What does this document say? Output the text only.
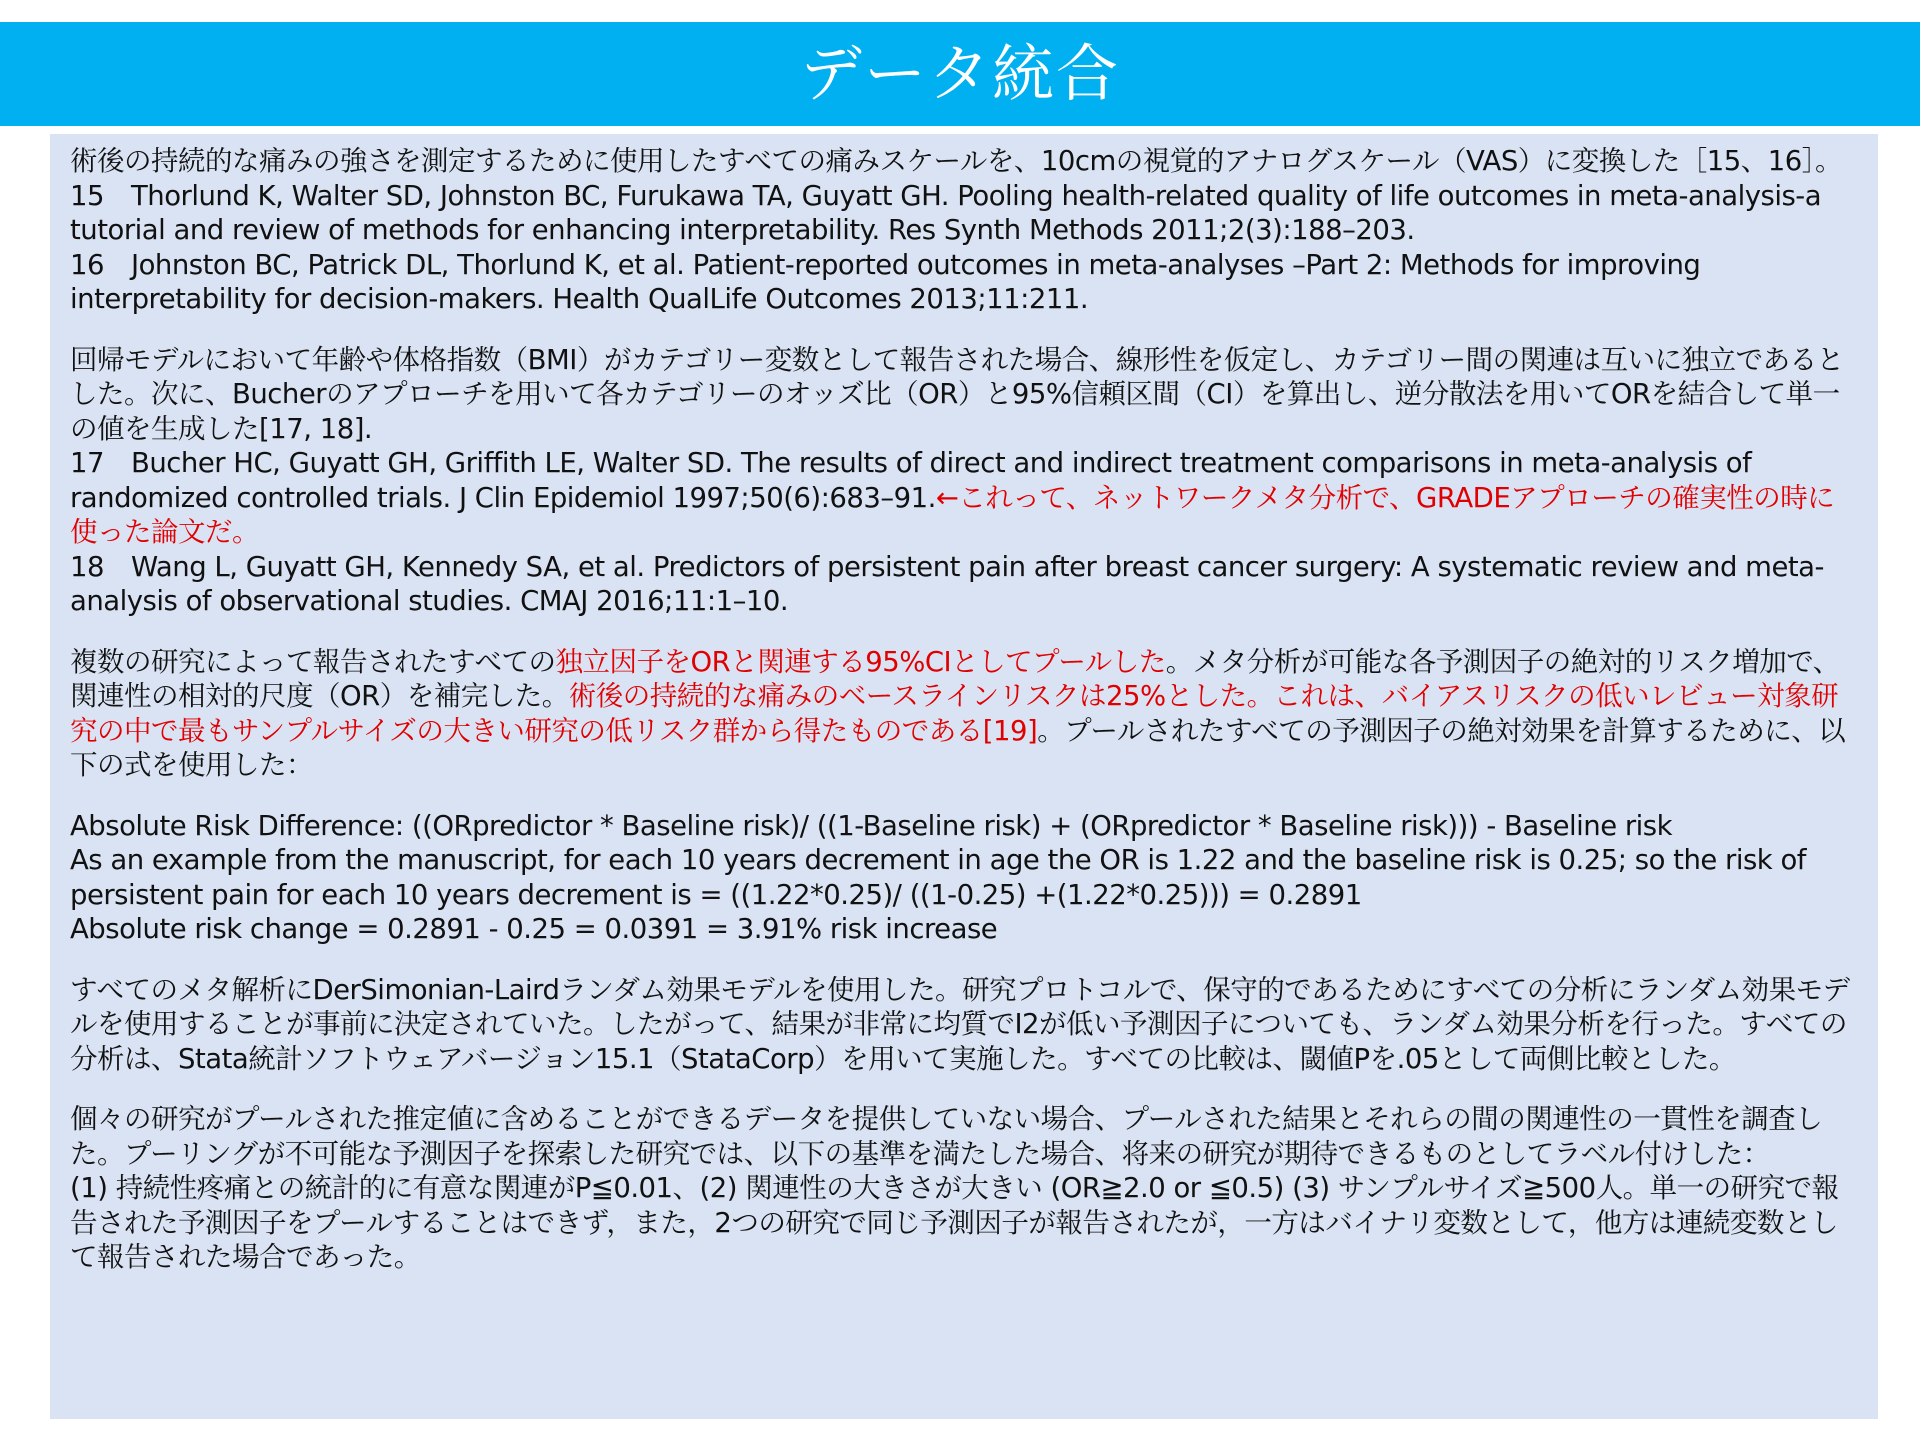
データ統合
術後の持続的な痛みの強さを測定するために使用したすべての痛みスケールを、10cmの視覚的アナログスケール（VAS）に変換した［15、16］。
15　Thorlund K, Walter SD, Johnston BC, Furukawa TA, Guyatt GH. Pooling health-related quality of life outcomes in meta-analysis-a tutorial and review of methods for enhancing interpretability. Res Synth Methods 2011;2(3):188–203.
16　Johnston BC, Patrick DL, Thorlund K, et al. Patient-reported outcomes in meta-analyses –Part 2: Methods for improving interpretability for decision-makers. Health QualLife Outcomes 2013;11:211.
回帰モデルにおいて年齢や体格指数（BMI）がカテゴリー変数として報告された場合、線形性を仮定し、カテゴリー間の関連は互いに独立であるとした。次に、Bucherのアプローチを用いて各カテゴリーのオッズ比（OR）と95%信頼区間（CI）を算出し、逆分散法を用いてORを結合して単一の値を生成した[17, 18].
17　Bucher HC, Guyatt GH, Griffith LE, Walter SD. The results of direct and indirect treatment comparisons in meta-analysis of randomized controlled trials. J Clin Epidemiol 1997;50(6):683–91.←これって、ネットワークメタ分析で、GRADEアプローチの確実性の時に使った論文だ。
18　Wang L, Guyatt GH, Kennedy SA, et al. Predictors of persistent pain after breast cancer surgery: A systematic review and meta-analysis of observational studies. CMAJ 2016;11:1–10.
複数の研究によって報告されたすべての独立因子をORと関連する95%CIとしてプールした。メタ分析が可能な各予測因子の絶対的リスク増加で、関連性の相対的尺度（OR）を補完した。術後の持続的な痛みのベースラインリスクは25%とした。これは、バイアスリスクの低いレビュー対象研究の中で最もサンプルサイズの大きい研究の低リスク群から得たものである[19]。プールされたすべての予測因子の絶対効果を計算するために、以下の式を使用した：
Absolute Risk Difference: ((ORpredictor * Baseline risk)/ ((1-Baseline risk) + (ORpredictor * Baseline risk))) - Baseline risk
As an example from the manuscript, for each 10 years decrement in age the OR is 1.22 and the baseline risk is 0.25; so the risk of persistent pain for each 10 years decrement is = ((1.22*0.25)/ ((1-0.25) +(1.22*0.25))) = 0.2891
Absolute risk change = 0.2891 - 0.25 = 0.0391 = 3.91% risk increase
すべてのメタ解析にDerSimonian-Lairdランダム効果モデルを使用した。研究プロトコルで、保守的であるためにすべての分析にランダム効果モデルを使用することが事前に決定されていた。したがって、結果が非常に均質でI2が低い予測因子についても、ランダム効果分析を行った。すべての分析は、Stata統計ソフトウェアバージョン15.1（StataCorp）を用いて実施した。すべての比較は、閾値Pを.05として両側比較とした。
個々の研究がプールされた推定値に含めることができるデータを提供していない場合、プールされた結果とそれらの間の関連性の一貫性を調査した。プーリングが不可能な予測因子を探索した研究では、以下の基準を満たした場合、将来の研究が期待できるものとしてラベル付けした：
(1) 持続性疼痛との統計的に有意な関連がP≦0.01、(2) 関連性の大きさが大きい (OR≧2.0 or ≦0.5) (3) サンプルサイズ≧500人。単一の研究で報告された予測因子をプールすることはできず，また，2つの研究で同じ予測因子が報告されたが，一方はバイナリ変数として，他方は連続変数として報告された場合であった。
